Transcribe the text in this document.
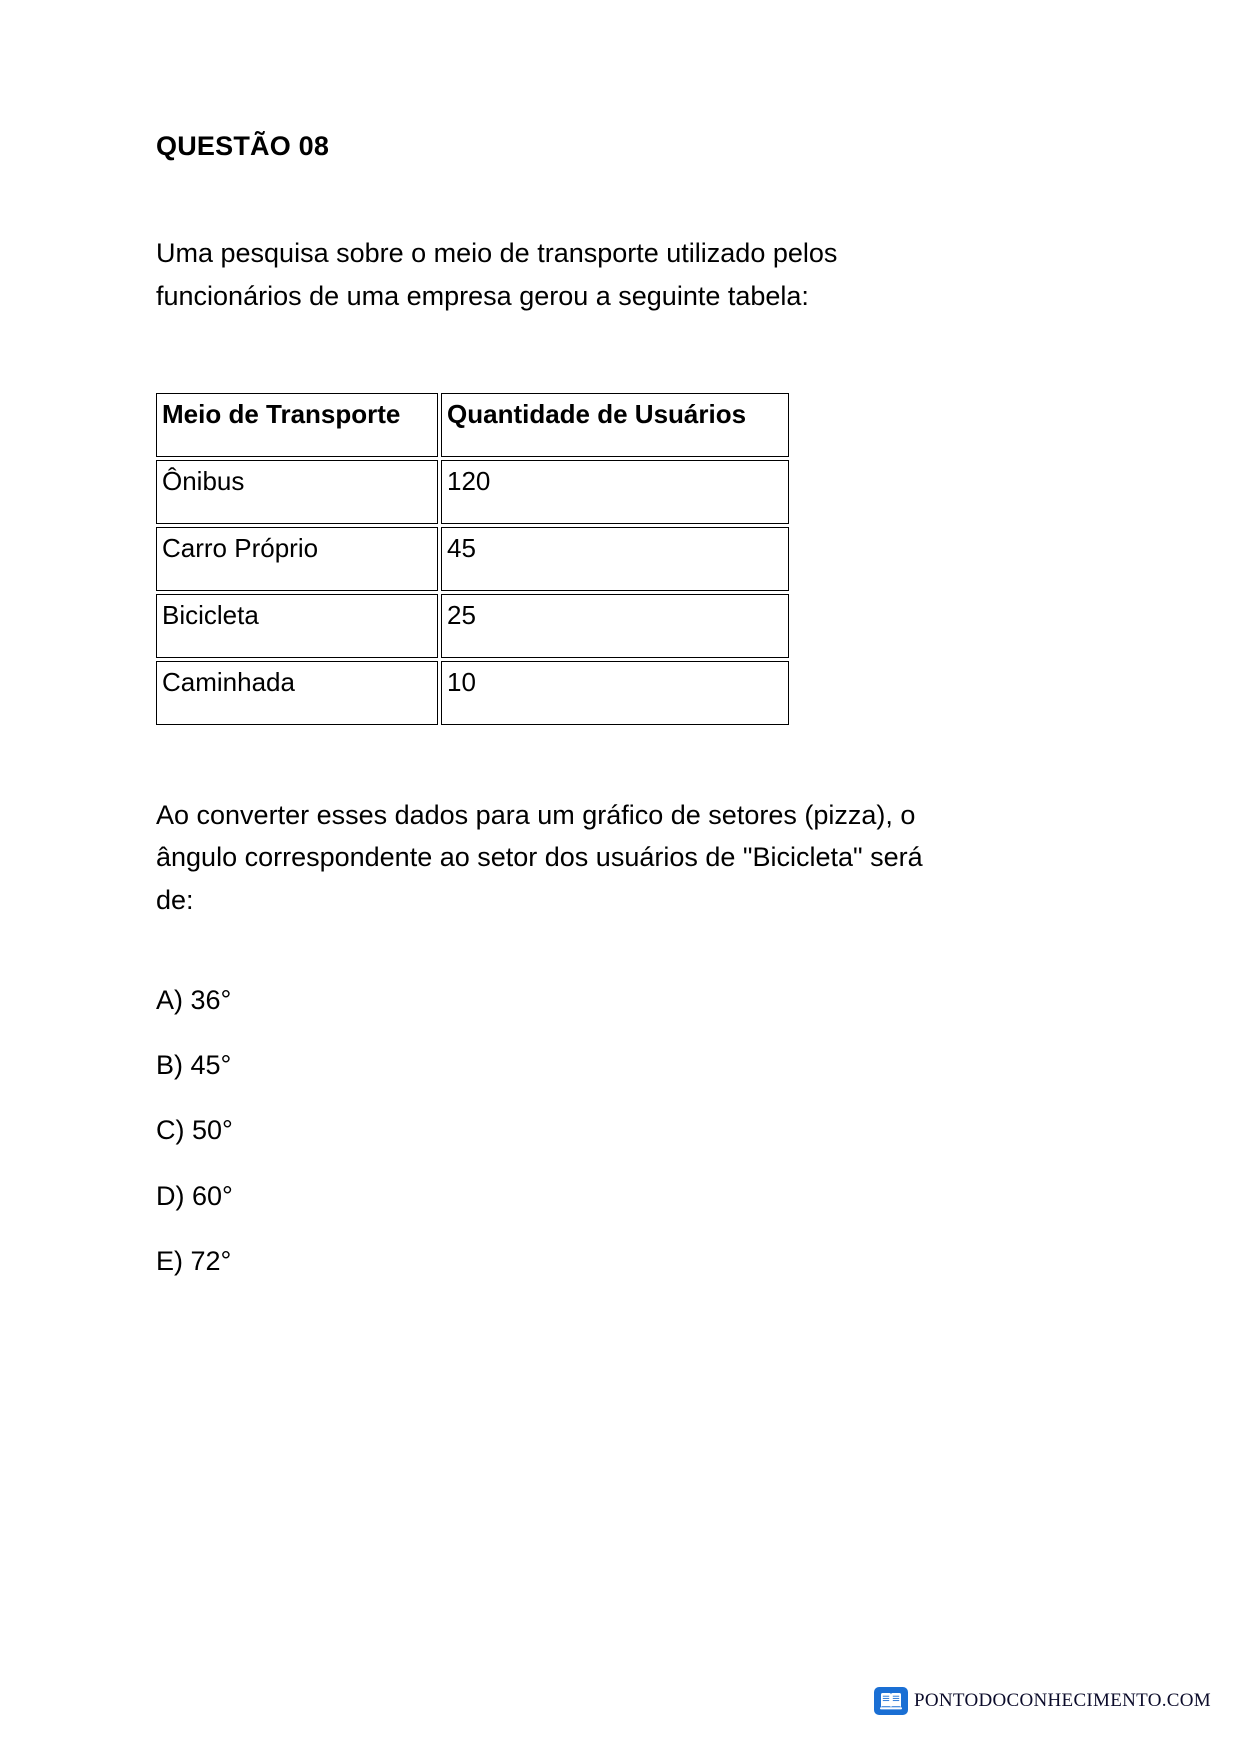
QUESTÃO 08

Uma pesquisa sobre o meio de transporte utilizado pelos funcionários de uma empresa gerou a seguinte tabela:

Meio de Transporte	Quantidade de Usuários
Ônibus	120
Carro Próprio	45
Bicicleta	25
Caminhada	10

Ao converter esses dados para um gráfico de setores (pizza), o ângulo correspondente ao setor dos usuários de "Bicicleta" será de:

A) 36°
B) 45°
C) 50°
D) 60°
E) 72°
PONTODOCONHECIMENTO.COM
